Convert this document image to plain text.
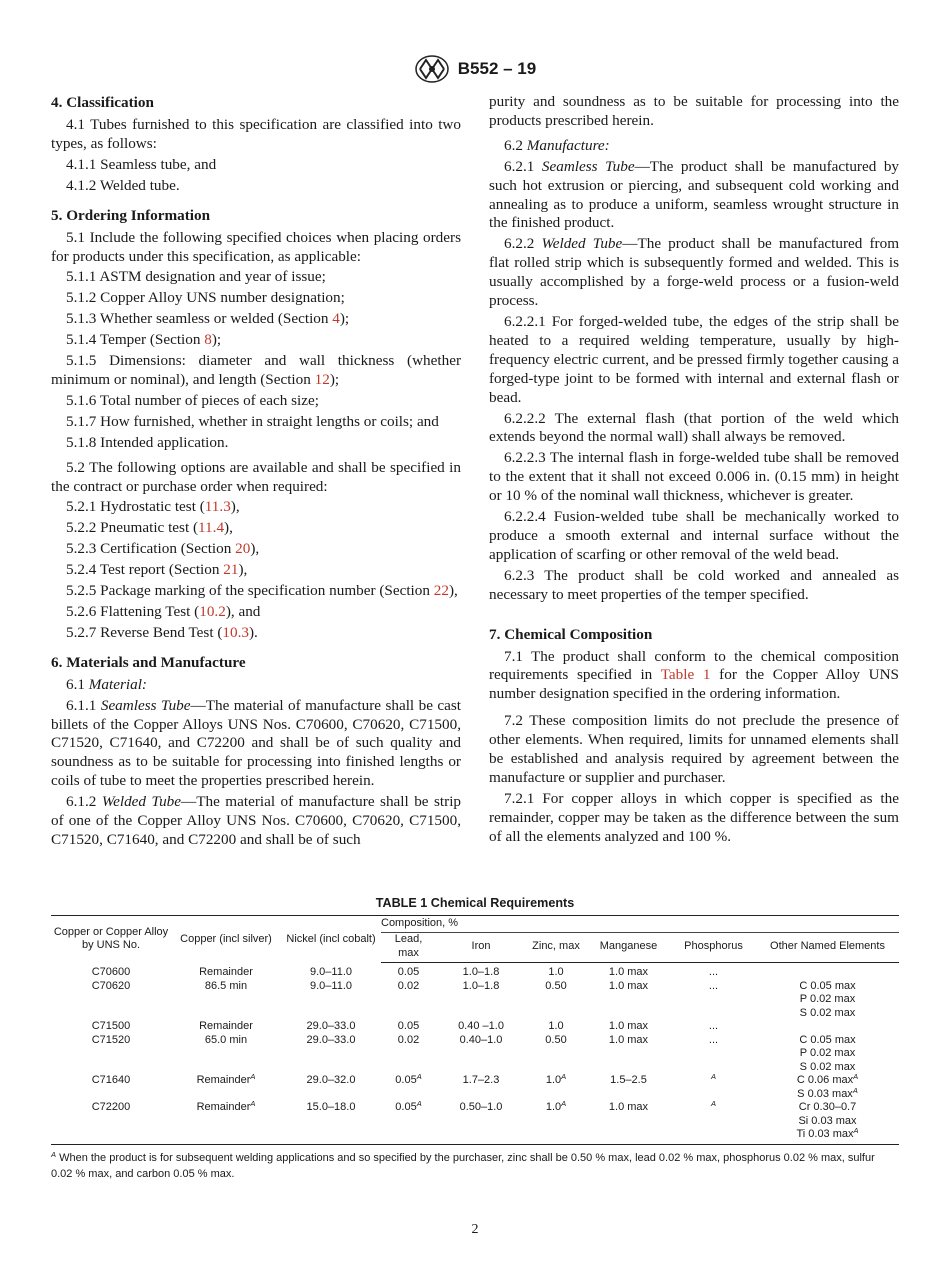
B552 – 19
4. Classification

4.1 Tubes furnished to this specification are classified into two types, as follows:

4.1.1 Seamless tube, and

4.1.2 Welded tube.

5. Ordering Information

5.1 Include the following specified choices when placing orders for products under this specification, as applicable:

5.1.1 ASTM designation and year of issue;

5.1.2 Copper Alloy UNS number designation;

5.1.3 Whether seamless or welded (Section 4);

5.1.4 Temper (Section 8);

5.1.5 Dimensions: diameter and wall thickness (whether minimum or nominal), and length (Section 12);

5.1.6 Total number of pieces of each size;

5.1.7 How furnished, whether in straight lengths or coils; and

5.1.8 Intended application.

5.2 The following options are available and shall be specified in the contract or purchase order when required:

5.2.1 Hydrostatic test (11.3),

5.2.2 Pneumatic test (11.4),

5.2.3 Certification (Section 20),

5.2.4 Test report (Section 21),

5.2.5 Package marking of the specification number (Section 22),

5.2.6 Flattening Test (10.2), and

5.2.7 Reverse Bend Test (10.3).

6. Materials and Manufacture

6.1 Material:

6.1.1 Seamless Tube—The material of manufacture shall be cast billets of the Copper Alloys UNS Nos. C70600, C70620, C71500, C71520, C71640, and C72200 and shall be of such quality and soundness as to be suitable for processing into finished lengths or coils of tube to meet the properties prescribed herein.

6.1.2 Welded Tube—The material of manufacture shall be strip of one of the Copper Alloy UNS Nos. C70600, C70620, C71500, C71520, C71640, and C72200 and shall be of such

purity and soundness as to be suitable for processing into the products prescribed herein.

6.2 Manufacture:

6.2.1 Seamless Tube—The product shall be manufactured by such hot extrusion or piercing, and subsequent cold working and annealing as to produce a uniform, seamless wrought structure in the finished product.

6.2.2 Welded Tube—The product shall be manufactured from flat rolled strip which is subsequently formed and welded. This is usually accomplished by a forge-weld process or a fusion-weld process.

6.2.2.1 For forged-welded tube, the edges of the strip shall be heated to a required welding temperature, usually by high-frequency electric current, and be pressed firmly together causing a forged-type joint to be formed with internal and external flash or bead.

6.2.2.2 The external flash (that portion of the weld which extends beyond the normal wall) shall always be removed.

6.2.2.3 The internal flash in forge-welded tube shall be removed to the extent that it shall not exceed 0.006 in. (0.15 mm) in height or 10 % of the nominal wall thickness, whichever is greater.

6.2.2.4 Fusion-welded tube shall be mechanically worked to produce a smooth external and internal surface without the application of scarfing or other removal of the weld bead.

6.2.3 The product shall be cold worked and annealed as necessary to meet properties of the temper specified.

7. Chemical Composition

7.1 The product shall conform to the chemical composition requirements specified in Table 1 for the Copper Alloy UNS number designation specified in the ordering information.

7.2 These composition limits do not preclude the presence of other elements. When required, limits for unnamed elements shall be established and analysis required by agreement between the manufacture or supplier and purchaser.

7.2.1 For copper alloys in which copper is specified as the remainder, copper may be taken as the difference between the sum of all the elements analyzed and 100 %.

TABLE 1 Chemical Requirements
Copper or Copper Alloy by UNS No.	Copper (incl silver)	Nickel (incl cobalt)	Composition, %					
			Lead, max	Iron	Zinc, max	Manganese	Phosphorus	Other Named Elements
C70600	Remainder	9.0–11.0	0.05	1.0–1.8	1.0	1.0 max	...	
C70620	86.5 min	9.0–11.0	0.02	1.0–1.8	0.50	1.0 max	...	C 0.05 max
P 0.02 max
S 0.02 max

C71500	Remainder	29.0–33.0	0.05	0.40 –1.0	1.0	1.0 max	...	
C71520	65.0 min	29.0–33.0	0.02	0.40–1.0	0.50	1.0 max	...	C 0.05 max
P 0.02 max
S 0.02 max

C71640	Remainder$^A$	29.0–32.0	$0.05^A$	1.7–2.3	$1.0^A$	1.5–2.5	$^A$	C 0.06 $\max^A$
S 0.03 $\max^A$

C72200	Remainder$^A$	15.0–18.0	$0.05^A$	0.50–1.0	$1.0^A$	1.0 max	$^A$	Cr 0.30–0.7
Si 0.03 max
Ti 0.03 $\max^A$
$^A$ When the product is for subsequent welding applications and so specified by the purchaser, zinc shall be 0.50 % max, lead 0.02 % max, phosphorus 0.02 % max, sulfur 0.02 % max, and carbon 0.05 % max.
2
